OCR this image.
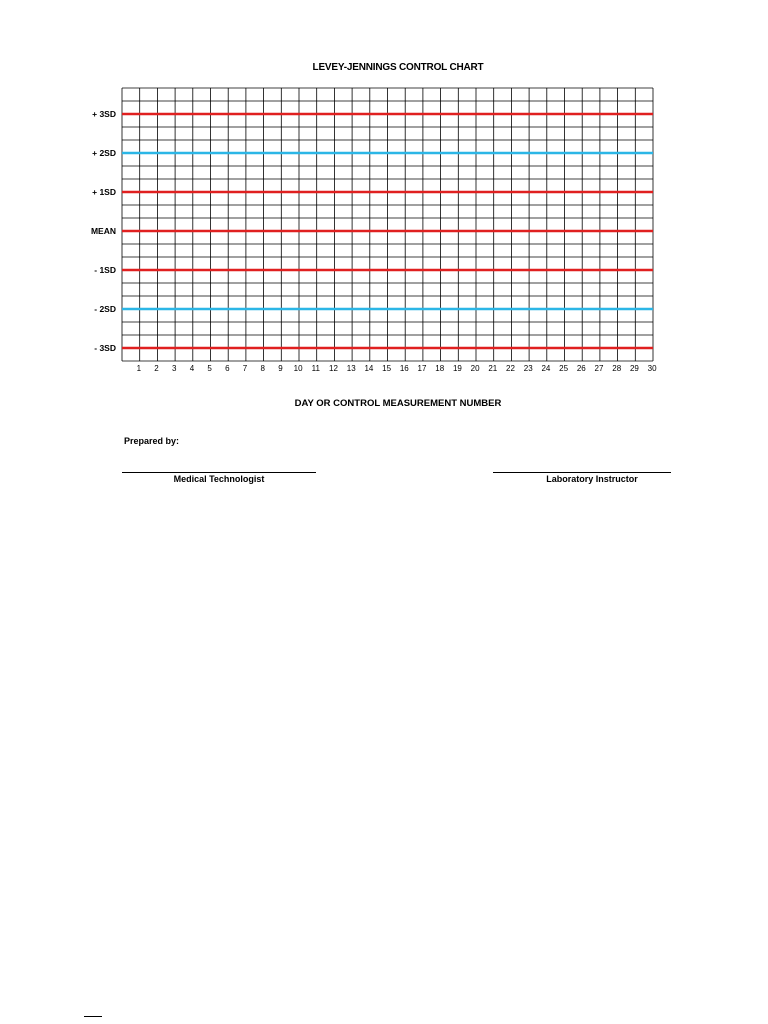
LEVEY-JENNINGS CONTROL CHART
+ 3SD
+ 2SD
+ 1SD
MEAN
- 1SD
- 2SD
- 3SD
1 2 3 4 5 6 7 8 9 10 11 12 13 14 15 16 17 18 19 20 21 22 23 24 25 26 27 28 29 30
DAY OR CONTROL MEASUREMENT NUMBER
Prepared by:
Medical Technologist	Laboratory Instructor
